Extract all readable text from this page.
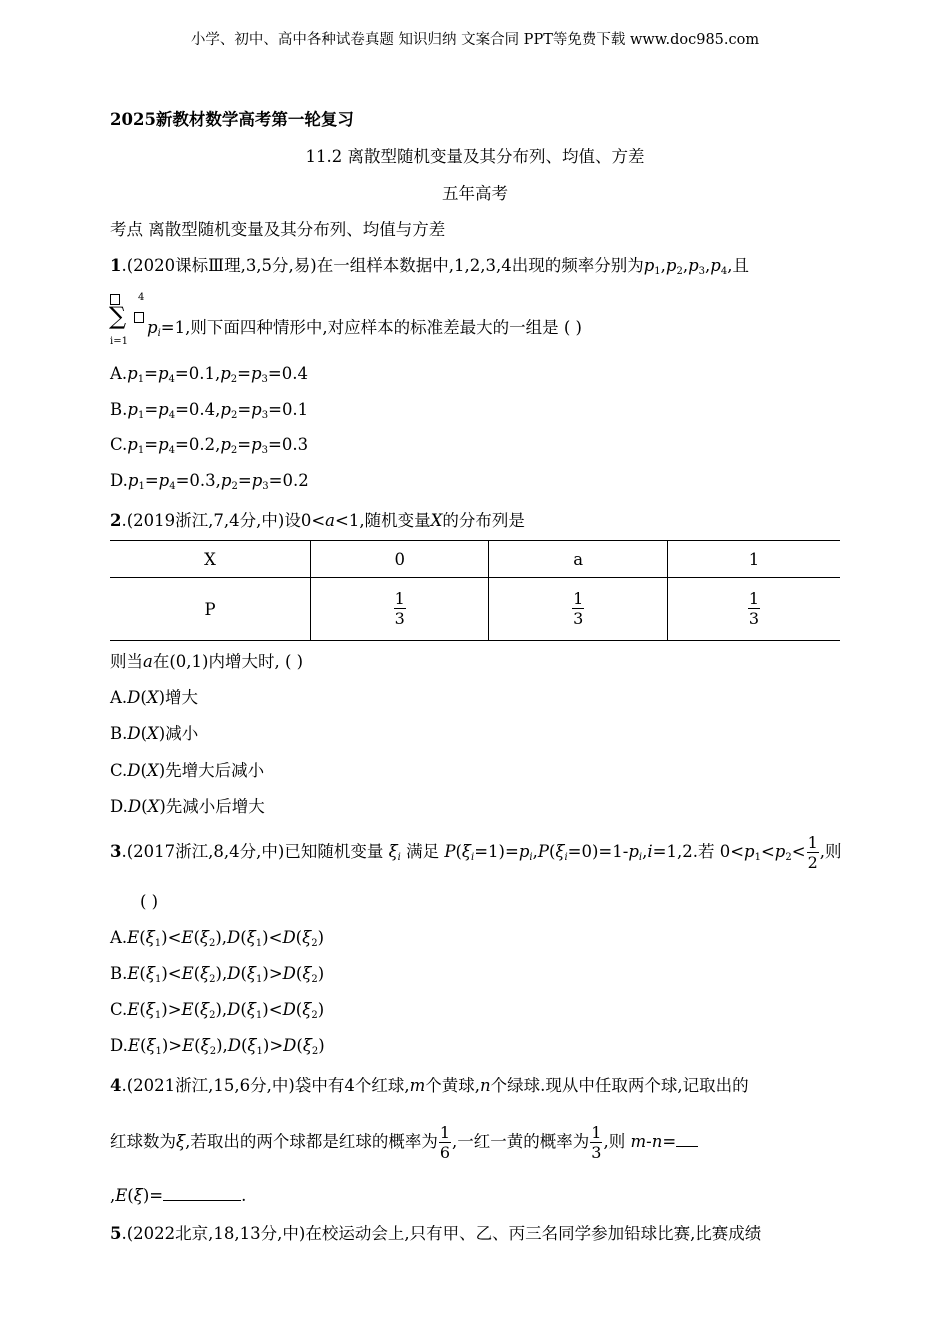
小学、初中、高中各种试卷真题 知识归纳 文案合同 PPT等免费下载 www.doc985.com
2025新教材数学高考第一轮复习
11.2 离散型随机变量及其分布列、均值、方差
五年高考
考点 离散型随机变量及其分布列、均值与方差
1.(2020课标Ⅲ理,3,5分,易)在一组样本数据中,1,2,3,4出现的频率分别为$p_1,p_2,p_3,p_4$,且
4
∑
i=1
$p_i=1$,则下面四种情形中,对应样本的标准差最大的一组是 ( )
$A.p_1=p_4=0.1,p_2=p_3=0.4$
$B.p_1=p_4=0.4,p_2=p_3=0.1$
$C.p_1=p_4=0.2,p_2=p_3=0.3$
$D.p_1=p_4=0.3,p_2=p_3=0.2$
2.(2019浙江,7,4分,中)设0<a<1,随机变量X的分布列是
X	0	a	1
P	$\frac{1}{3}$	$\frac{1}{3}$	$\frac{1}{3}$
则当a在(0,1)内增大时, ( )
A.D(X)增大
B.D(X)减小
C.D(X)先增大后减小
D.D(X)先减小后增大
3.(2017浙江,8,4分,中)已知随机变量 $\xi_i$ 满足 $P(\xi_i=1)=p_i,P(\xi_i=0)=1-p_i,i=1,2$.若 $0<p_1<p_2< \frac{1}{2}$ ,则
( )
$A.E(\xi_1)<E(\xi_2),D(\xi_1)<D(\xi_2)$
$B.E(\xi_1)<E(\xi_2),D(\xi_1)>D(\xi_2)$
$C.E(\xi_1)>E(\xi_2),D(\xi_1)<D(\xi_2)$
$D.E(\xi_1)>E(\xi_2),D(\xi_1)>D(\xi_2)$
4.(2021浙江,15,6分,中)袋中有4个红球,m个黄球,n个绿球.现从中任取两个球,记取出的
红球数为ξ,若取出的两个球都是红球的概率为 $\frac{1}{6}$ ,一红一黄的概率为 $\frac{1}{3}$ ,则 m-n=
,E(ξ)=	.
5.(2022北京,18,13分,中)在校运动会上,只有甲、乙、丙三名同学参加铅球比赛,比赛成绩
